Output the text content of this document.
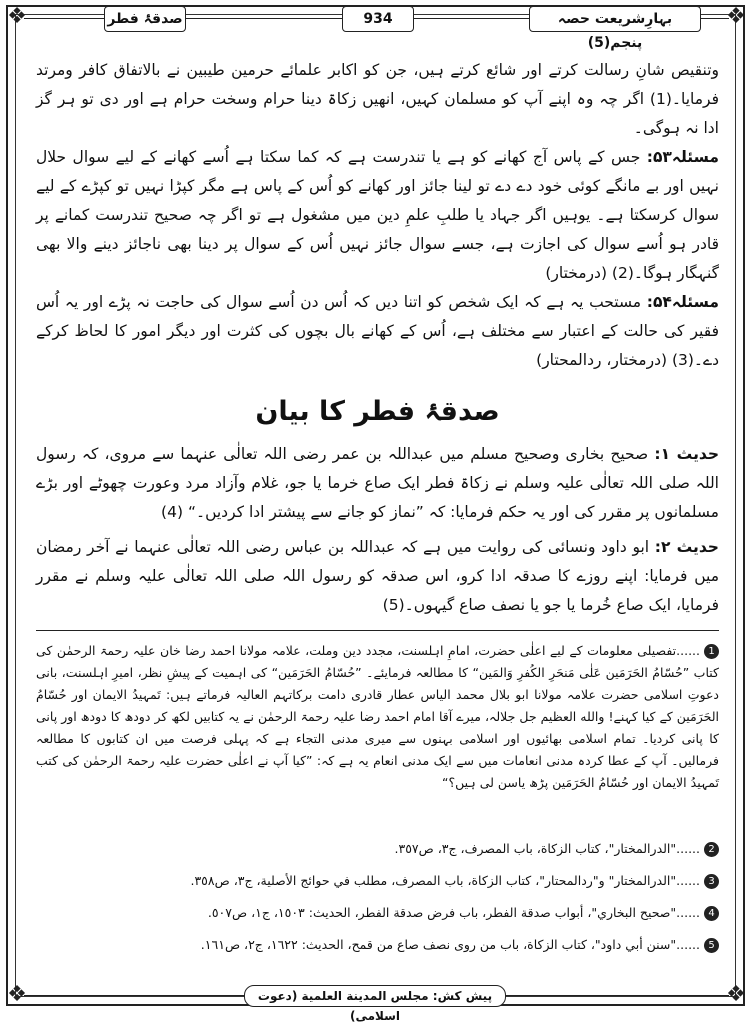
❖	❖
❖	❖
صدقۂ فطر	934	بہارِشریعت حصہ پنجم(5)

وتنقیص شانِ رسالت کرتے اور شائع کرتے ہیں، جن کو اکابر علمائے حرمین طیبین نے بالاتفاق کافر ومرتد فرمایا۔(1) اگر چہ وہ اپنے آپ کو مسلمان کہیں، انھیں زکاۃ دینا حرام وسخت حرام ہے اور دی تو ہر گز ادا نہ ہوگی۔

مسئلہ۵۳: جس کے پاس آج کھانے کو ہے یا تندرست ہے کہ کما سکتا ہے اُسے کھانے کے لیے سوال حلال نہیں اور بے مانگے کوئی خود دے دے تو لینا جائز اور کھانے کو اُس کے پاس ہے مگر کپڑا نہیں تو کپڑے کے لیے سوال کرسکتا ہے۔ یوہیں اگر جہاد یا طلبِ علمِ دین میں مشغول ہے تو اگر چہ صحیح تندرست کمانے پر قادر ہو اُسے سوال کی اجازت ہے، جسے سوال جائز نہیں اُس کے سوال پر دینا بھی ناجائز دینے والا بھی گنہگار ہوگا۔(2) (درمختار)

مسئلہ۵۴: مستحب یہ ہے کہ ایک شخص کو اتنا دیں کہ اُس دن اُسے سوال کی حاجت نہ پڑے اور یہ اُس فقیر کی حالت کے اعتبار سے مختلف ہے، اُس کے کھانے بال بچوں کی کثرت اور دیگر امور کا لحاظ کرکے دے۔(3) (درمختار، ردالمحتار)

صدقۂ فطر کا بیان

حدیث ۱: صحیح بخاری وصحیح مسلم میں عبداللہ بن عمر رضی اللہ تعالٰی عنہما سے مروی، کہ رسول اللہ صلی اللہ تعالٰی علیہ وسلم نے زکاۃ فطر ایک صاع خرما یا جو، غلام وآزاد مرد وعورت چھوٹے اور بڑے مسلمانوں پر مقرر کی اور یہ حکم فرمایا: کہ ”نماز کو جانے سے پیشتر ادا کردیں۔“ (4)

حدیث ۲: ابو داود ونسائی کی روایت میں ہے کہ عبداللہ بن عباس رضی اللہ تعالٰی عنہما نے آخر رمضان میں فرمایا: اپنے روزے کا صدقہ ادا کرو، اس صدقہ کو رسول اللہ صلی اللہ تعالٰی علیہ وسلم نے مقرر فرمایا، ایک صاع خُرما یا جو یا نصف صاع گیہوں۔(5)

1......تفصیلی معلومات کے لیے اعلٰی حضرت، امامِ اہلسنت، مجدد دین وملت، علامہ مولانا احمد رضا خان علیہ رحمۃ الرحمٰن کی کتاب ”حُسّامُ الحَرَمَین عَلٰی مَنحَرِ الکُفرِ وَالمَین“ کا مطالعہ فرمایئے۔ ”حُسّامُ الحَرَمَین“ کی اہمیت کے پیشِ نظر، امیرِ اہلسنت، بانی دعوتِ اسلامی حضرت علامہ مولانا ابو بلال محمد الیاس عطار قادری دامت برکاتہم العالیہ فرماتے ہیں: تَمہیدُ الایمان اور حُسّامُ الحَرَمَین کے کیا کہنے! والله العظیم جل جلالہ، میرے آقا امام احمد رضا علیہ رحمۃ الرحمٰن نے یہ کتابیں لکھ کر دودھ کا دودھ اور پانی کا پانی کردیا۔ تمام اسلامی بھائیوں اور اسلامی بہنوں سے میری مدنی التجاء ہے کہ پہلی فرصت میں ان کتابوں کا مطالعہ فرمالیں۔ آپ کے عطا کردہ مدنی انعامات میں سے ایک مدنی انعام یہ ہے کہ: ”کیا آپ نے اعلٰی حضرت علیہ رحمۃ الرحمٰن کی کتب تَمہیدُ الایمان اور حُسّامُ الحَرَمَین پڑھ یاسن لی ہیں؟“
2......"الدرالمختار"، كتاب الزكاة، باب المصرف، ج٣، ص٣٥٧.
3......"الدرالمختار" و"ردالمحتار"، كتاب الزكاة، باب المصرف، مطلب في حوائج الأصلية، ج٣، ص٣٥٨.
4......"صحيح البخاري"، أبواب صدقة الفطر، باب فرض صدقة الفطر، الحديث: ١٥٠٣، ج١، ص٥٠٧.
5......"سنن أبي داود"، كتاب الزكاة، باب من روى نصف صاع من قمح، الحديث: ١٦٢٢، ج٢، ص١٦١.
پیش کش: مجلس المدينة العلمية (دعوت اسلامی)
